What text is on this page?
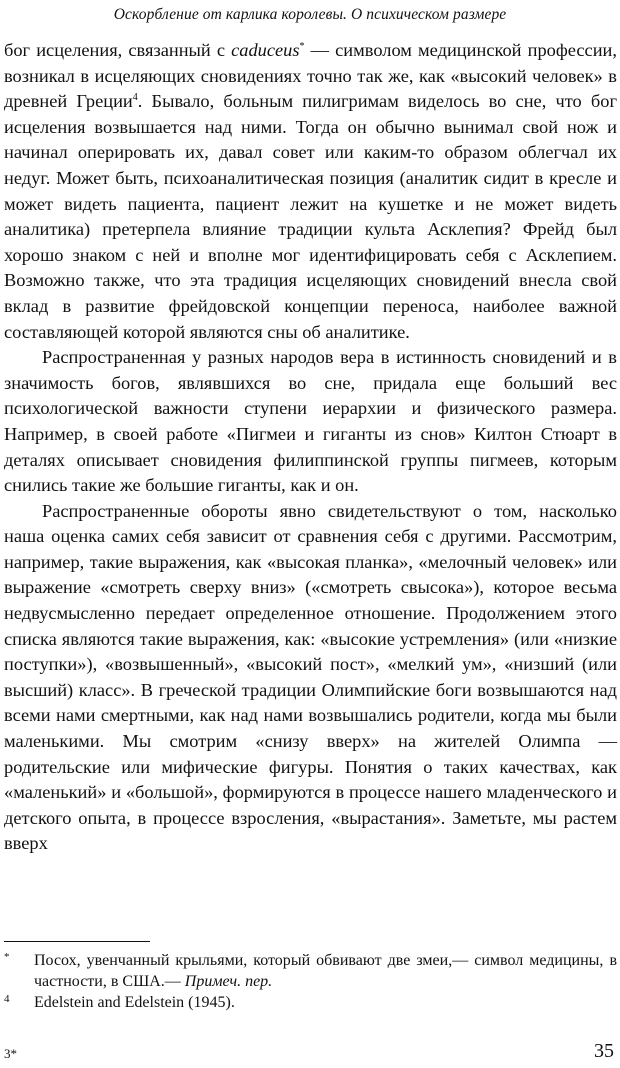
Оскорбление от карлика королевы. О психическом размере

бог исцеления, связанный с caduceus* — символом медицинской профессии, возникал в исцеляющих сновидениях точно так же, как «высокий человек» в древней Греции$^4$. Бывало, больным пилигримам виделось во сне, что бог исцеления возвышается над ними. Тогда он обычно вынимал свой нож и начинал оперировать их, давал совет или каким-то образом облегчал их недуг. Может быть, психоаналитическая позиция (аналитик сидит в кресле и может видеть пациента, пациент лежит на кушетке и не может видеть аналитика) претерпела влияние традиции культа Асклепия? Фрейд был хорошо знаком с ней и вполне мог идентифицировать себя с Асклепием. Возможно также, что эта традиция исцеляющих сновидений внесла свой вклад в развитие фрейдовской концепции переноса, наиболее важной составляющей которой являются сны об аналитике.

Распространенная у разных народов вера в истинность сновидений и в значимость богов, являвшихся во сне, придала еще больший вес психологической важности ступени иерархии и физического размера. Например, в своей работе «Пигмеи и гиганты из снов» Килтон Стюарт в деталях описывает сновидения филиппинской группы пигмеев, которым снились такие же большие гиганты, как и он.

Распространенные обороты явно свидетельствуют о том, насколько наша оценка самих себя зависит от сравнения себя с другими. Рассмотрим, например, такие выражения, как «высокая планка», «мелочный человек» или выражение «смотреть сверху вниз» («смотреть свысока»), которое весьма недвусмысленно передает определенное отношение. Продолжением этого списка являются такие выражения, как: «высокие устремления» (или «низкие поступки»), «возвышенный», «высокий пост», «мелкий ум», «низший (или высший) класс». В греческой традиции Олимпийские боги возвышаются над всеми нами смертными, как над нами возвышались родители, когда мы были маленькими. Мы смотрим «снизу вверх» на жителей Олимпа — родительские или мифические фигуры. Понятия о таких качествах, как «маленький» и «большой», формируются в процессе нашего младенческого и детского опыта, в процессе взросления, «вырастания». Заметьте, мы растем вверх

* Посох, увенчанный крыльями, который обвивают две змеи,— символ медицины, в частности, в США.— Примеч. пер.
4 Edelstein and Edelstein (1945).
3*	35
